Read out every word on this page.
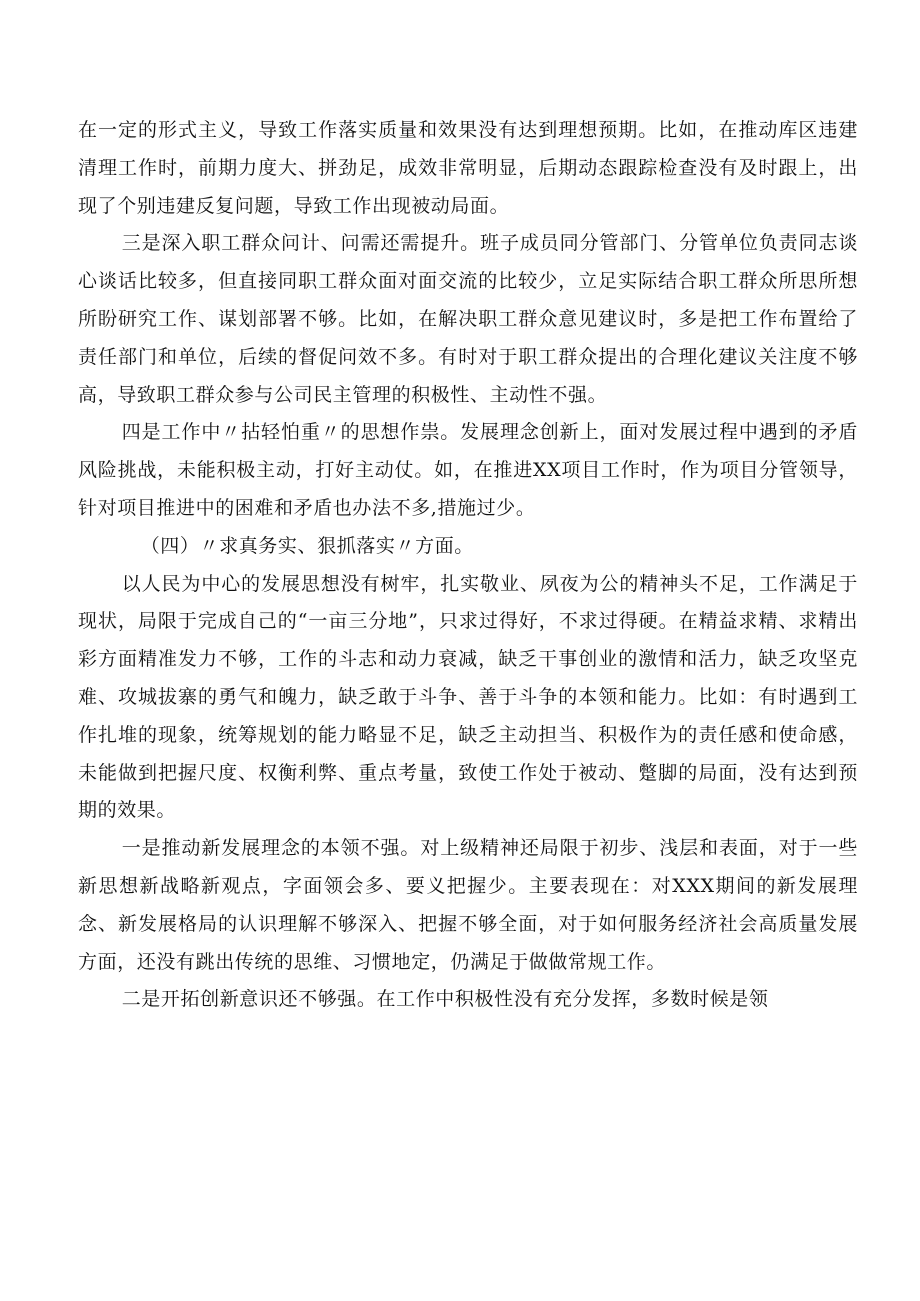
在一定的形式主义，导致工作落实质量和效果没有达到理想预期。比如，在推动库区违建清理工作时，前期力度大、拼劲足，成效非常明显，后期动态跟踪检查没有及时跟上，出现了个别违建反复问题，导致工作出现被动局面。

三是深入职工群众问计、问需还需提升。班子成员同分管部门、分管单位负责同志谈心谈话比较多，但直接同职工群众面对面交流的比较少，立足实际结合职工群众所思所想所盼研究工作、谋划部署不够。比如，在解决职工群众意见建议时，多是把工作布置给了责任部门和单位，后续的督促问效不多。有时对于职工群众提出的合理化建议关注度不够高，导致职工群众参与公司民主管理的积极性、主动性不强。

四是工作中〃拈轻怕重〃的思想作祟。发展理念创新上，面对发展过程中遇到的矛盾风险挑战，未能积极主动，打好主动仗。如，在推进XX项目工作时，作为项目分管领导，针对项目推进中的困难和矛盾也办法不多,措施过少。

（四）〃求真务实、狠抓落实〃方面。

以人民为中心的发展思想没有树牢，扎实敬业、夙夜为公的精神头不足，工作满足于现状，局限于完成自己的“一亩三分地”，只求过得好，不求过得硬。在精益求精、求精出彩方面精准发力不够，工作的斗志和动力衰减，缺乏干事创业的激情和活力，缺乏攻坚克难、攻城拔寨的勇气和魄力，缺乏敢于斗争、善于斗争的本领和能力。比如：有时遇到工作扎堆的现象，统筹规划的能力略显不足，缺乏主动担当、积极作为的责任感和使命感，未能做到把握尺度、权衡利弊、重点考量，致使工作处于被动、蹩脚的局面，没有达到预期的效果。

一是推动新发展理念的本领不强。对上级精神还局限于初步、浅层和表面，对于一些新思想新战略新观点，字面领会多、要义把握少。主要表现在：对XXX期间的新发展理念、新发展格局的认识理解不够深入、把握不够全面，对于如何服务经济社会高质量发展方面，还没有跳出传统的思维、习惯地定，仍满足于做做常规工作。

二是开拓创新意识还不够强。在工作中积极性没有充分发挥，多数时候是领
